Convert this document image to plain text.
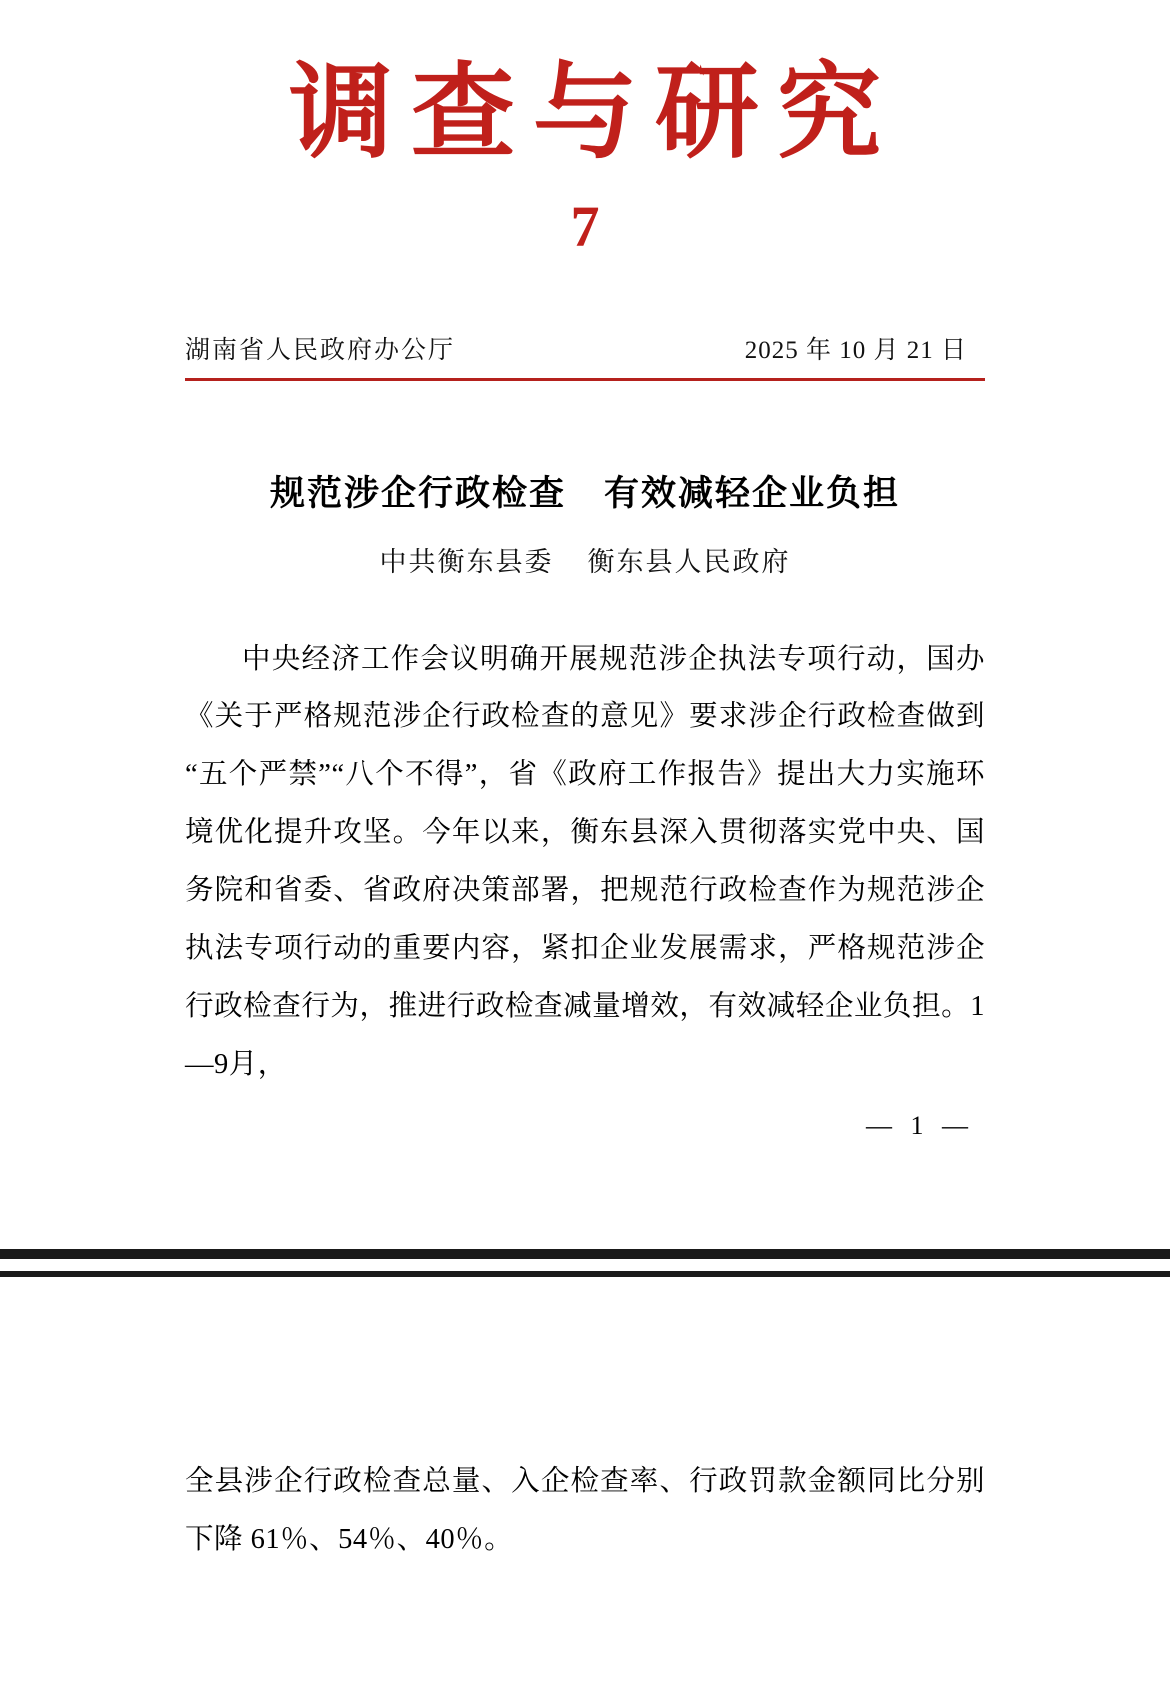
调查与研究
7
湖南省人民政府办公厅	2025 年 10 月 21 日
规范涉企行政检查 有效减轻企业负担
中共衡东县委 衡东县人民政府

中央经济工作会议明确开展规范涉企执法专项行动，国办《关于严格规范涉企行政检查的意见》要求涉企行政检查做到“五个严禁”“八个不得”，省《政府工作报告》提出大力实施环境优化提升攻坚。今年以来，衡东县深入贯彻落实党中央、国务院和省委、省政府决策部署，把规范行政检查作为规范涉企执法专项行动的重要内容，紧扣企业发展需求，严格规范涉企行政检查行为，推进行政检查减量增效，有效减轻企业负担。1—9月，

— 1 —

全县涉企行政检查总量、入企检查率、行政罚款金额同比分别下降 61％、54％、40％。
